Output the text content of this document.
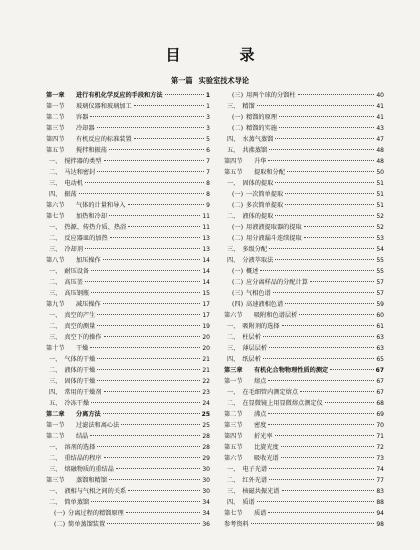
目　录
第一篇 实验室技术导论
第一章	进行有机化学反应的手段和方法	1
第一节	玻璃仪器和玻璃加工	1
第二节	容器	3
第三节	冷却器	3
第四节	有机反应的标准装置	5
第五节	搅拌和振荡	6
一、 搅拌器的类型	7
二、 马达和密封	7
三、 电动机	8
四、 振荡	8
第六节	气体的计量和导入	9
第七节	加热和冷却	11
一、 热源、传热介质、热浴	11
二、 反应器皿的加热	13
三、 冷却剂	13
第八节	加压操作	14
一、 耐压设备	14
二、 高压釜	14
三、 高压钢瓶	15
第九节	减压操作	17
一、 真空的产生	17
二、 真空的测量	19
三、 真空下的操作	20
第十节	干燥	20
一、 气体的干燥	21
二、 液体的干燥	21
三、 固体的干燥	22
四、 常用的干燥剂	23
五、 冷冻干燥	24
第二章	分离方法	25
第一节	过滤法和离心法	25
第二节	结晶	28
一、 溶剂的选择	28
二、 重结晶的程序	29
三、 熔融物质的重结晶	30
第三节	蒸馏和精馏	30
一、 液相与气相之间的关系	30
二、 简单蒸馏	34
(一) 分离过程的精馏原理	34
(二) 简单蒸馏装置	36
(三) 用两个球的分馏柱	40
三、 精馏	41
(一) 精馏的原理	41
(二) 精馏的实施	43
四、 水蒸气蒸馏	47
五、 共沸蒸馏	48
第四节	升华	48
第五节	提取和分配	50
一、 固体的提取	51
(一) 一次简单提取	51
(二) 多次简单提取	51
二、 液体的提取	52
(一) 用液液提取器的提取	52
(二) 用分液漏斗连续提取	53
三、 多级分配	54
四、 分液萃取法	55
(一) 概述	55
(二) 应分离样品的分配计算	57
(三) 气相色谱	57
(四) 高速液相色谱	59
第六节	吸附和色谱层析	60
一、 吸附剂的选择	61
二、 柱层析	63
三、 薄层层析	63
四、 纸层析	65
第三章	有机化合物物理性质的测定	67
第一节	熔点	67
一、 在毛细管内测定熔点	67
二、 在显微镜上用显微熔点测定仪	68
第二节	沸点	69
第三节	密度	70
第四节	折光率	71
第五节	比旋光度	72
第六节	吸收光谱	73
一、 电子光谱	74
二、 红外光谱	77
三、 核磁共振光谱	83
四、 质谱	88
第七节	质谱	94
参考资料	98
